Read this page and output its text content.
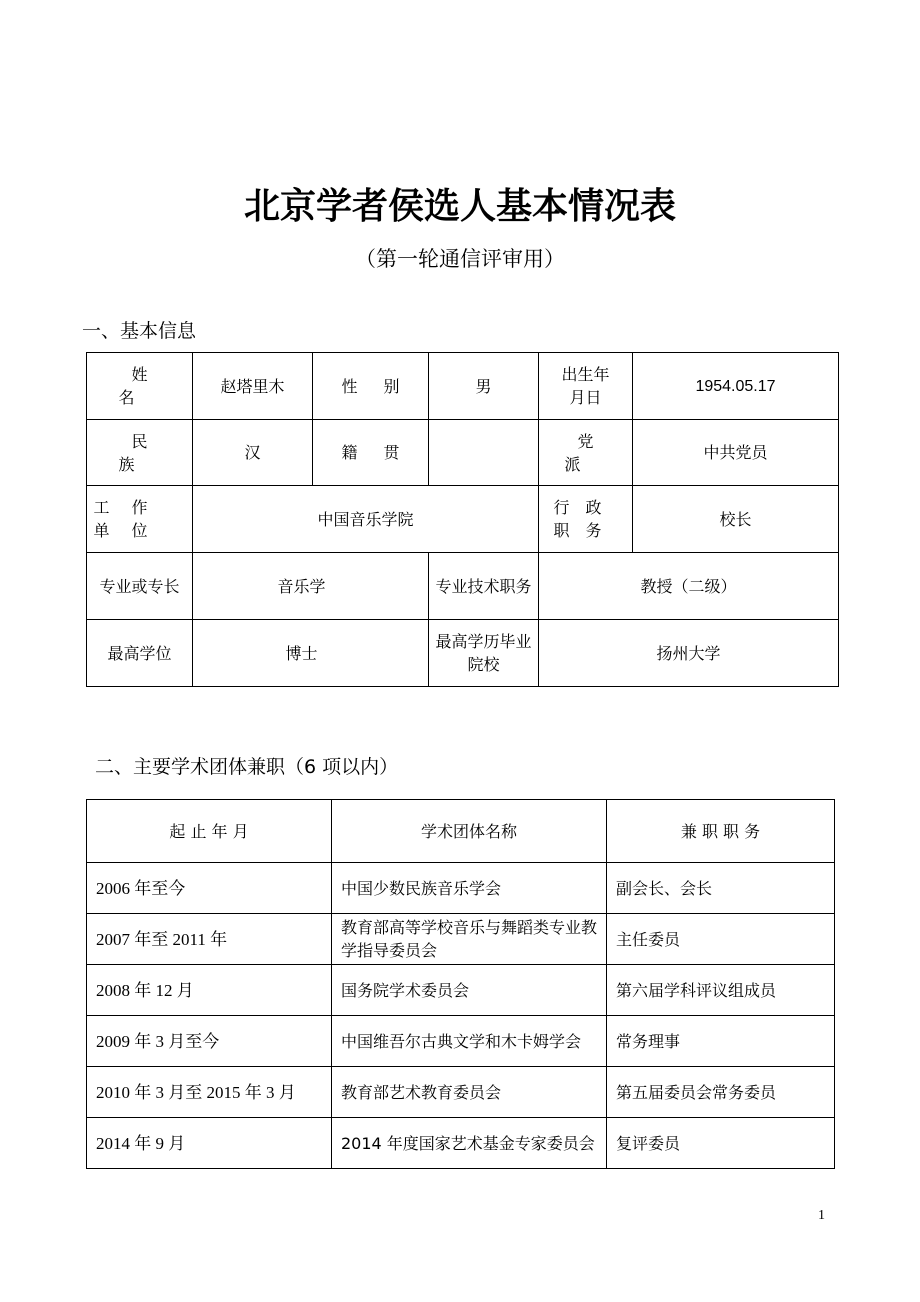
北京学者侯选人基本情况表
（第一轮通信评审用）
一、基本信息
姓名	赵塔里木	性别	男	出生年月日	1954.05.17
民族	汉	籍贯		党派	中共党员

工作单位	中国音乐学院			行政职务	校长

专业或专长	音乐学		专业技术职务	教授（二级）	
最高学位	博士		最高学历毕业院校	扬州大学	
二、主要学术团体兼职（6 项以内）
起 止 年 月	学术团体名称	兼 职 职 务
2006 年至今	中国少数民族音乐学会	副会长、会长
2007 年至 2011 年	教育部高等学校音乐与舞蹈类专业教学指导委员会	主任委员
2008 年 12 月	国务院学术委员会	第六届学科评议组成员
2009 年 3 月至今	中国维吾尔古典文学和木卡姆学会	常务理事
2010 年 3 月至 2015 年 3 月	教育部艺术教育委员会	第五届委员会常务委员
2014 年 9 月	2014 年度国家艺术基金专家委员会	复评委员
1
